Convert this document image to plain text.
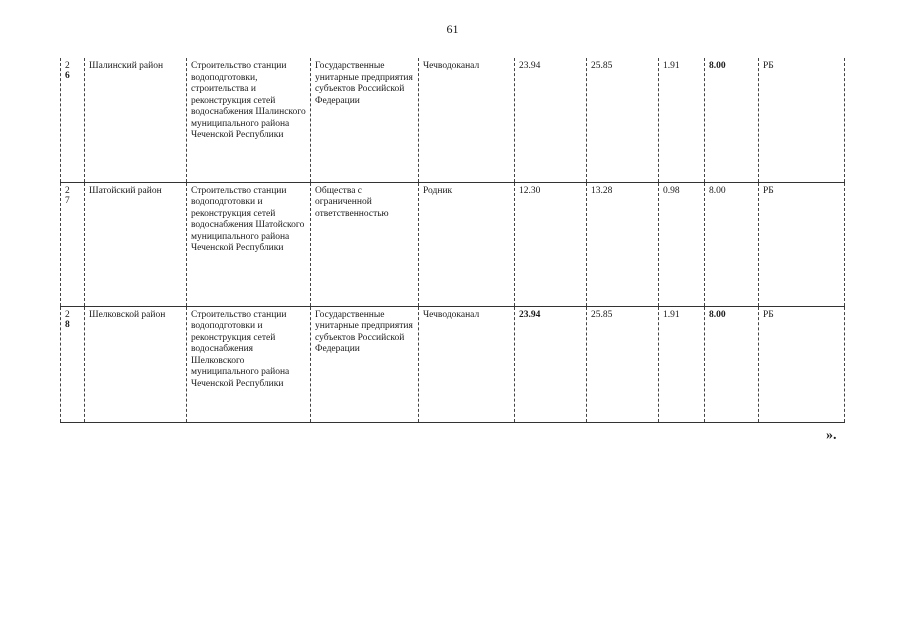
61
2
6	Шалинский район	Строительство станции водоподготовки, строительства и реконструкция сетей водоснабжения Шалинского муниципального района Чеченской Республики	Государственные унитарные предприятия субъектов Российской Федерации	Чечводоканал	23.94	25.85	1.91	8.00	РБ

2
7	Шатойский район	Строительство станции водоподготовки и реконструкция сетей водоснабжения Шатойского муниципального района Чеченской Республики	Общества с ограниченной ответственностью	Родник	12.30	13.28	0.98	8.00	РБ

2
8	Шелковской район	Строительство станции водоподготовки и реконструкция сетей водоснабжения Шелковского муниципального района Чеченской Республики	Государственные унитарные предприятия субъектов Российской Федерации	Чечводоканал	23.94	25.85	1.91	8.00	РБ
».
